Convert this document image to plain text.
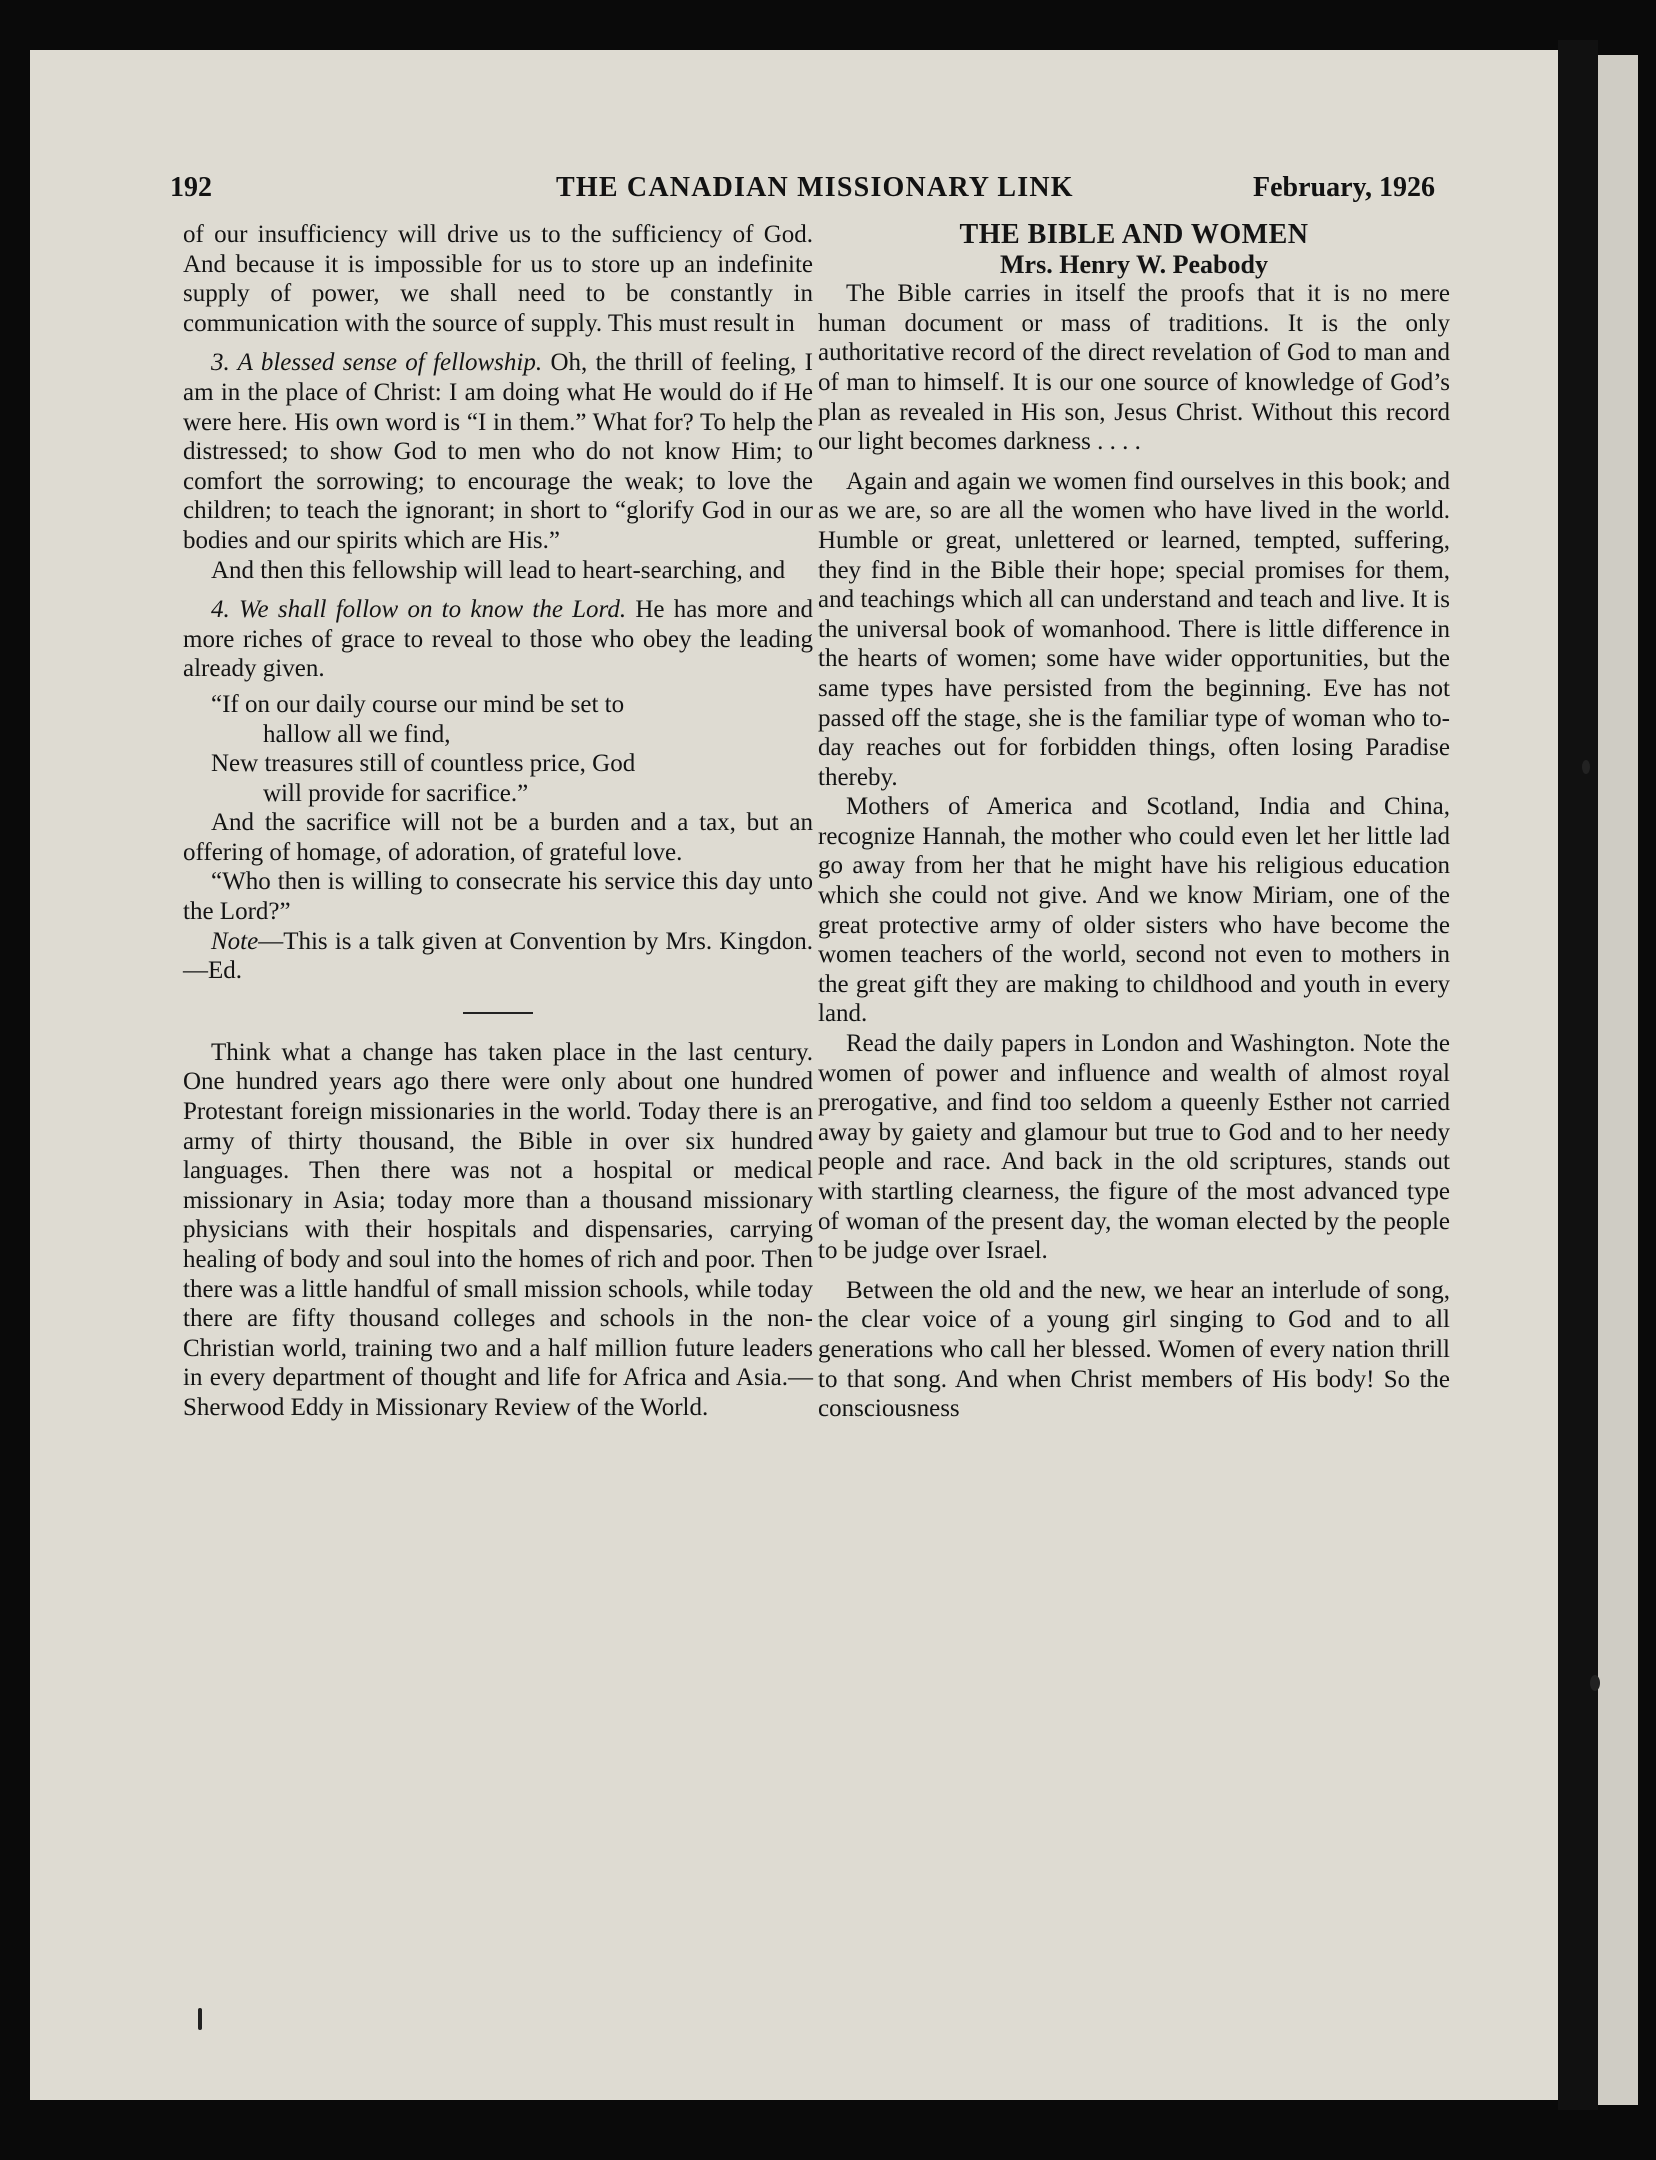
192	THE CANADIAN MISSIONARY LINK	February, 1926

of our insufficiency will drive us to the sufficiency of God. And because it is impossible for us to store up an indefinite supply of power, we shall need to be constantly in communication with the source of supply. This must result in

3. A blessed sense of fellowship. Oh, the thrill of feeling, I am in the place of Christ: I am doing what He would do if He were here. His own word is “I in them.” What for? To help the distressed; to show God to men who do not know Him; to comfort the sorrowing; to encourage the weak; to love the children; to teach the ignorant; in short to “glorify God in our bodies and our spirits which are His.”

And then this fellowship will lead to heart-searching, and

4. We shall follow on to know the Lord. He has more and more riches of grace to reveal to those who obey the leading already given.

“If on our daily course our mind be set to
hallow all we find,
New treasures still of countless price, God
will provide for sacrifice.”

And the sacrifice will not be a burden and a tax, but an offering of homage, of adoration, of grateful love.

“Who then is willing to consecrate his service this day unto the Lord?”

Note—This is a talk given at Convention by Mrs. Kingdon.—Ed.

Think what a change has taken place in the last century. One hundred years ago there were only about one hundred Protestant foreign missionaries in the world. Today there is an army of thirty thousand, the Bible in over six hundred languages. Then there was not a hospital or medical missionary in Asia; today more than a thousand missionary physicians with their hospitals and dispensaries, carrying healing of body and soul into the homes of rich and poor. Then there was a little handful of small mission schools, while today there are fifty thousand colleges and schools in the non-Christian world, training two and a half million future leaders in every department of thought and life for Africa and Asia.—Sherwood Eddy in Missionary Review of the World.

THE BIBLE AND WOMEN

Mrs. Henry W. Peabody

The Bible carries in itself the proofs that it is no mere human document or mass of traditions. It is the only authoritative record of the direct revelation of God to man and of man to himself. It is our one source of knowledge of God’s plan as revealed in His son, Jesus Christ. Without this record our light becomes darkness . . . .

Again and again we women find ourselves in this book; and as we are, so are all the women who have lived in the world. Humble or great, unlettered or learned, tempted, suffering, they find in the Bible their hope; special promises for them, and teachings which all can understand and teach and live. It is the universal book of womanhood. There is little difference in the hearts of women; some have wider opportunities, but the same types have persisted from the beginning. Eve has not passed off the stage, she is the familiar type of woman who to-day reaches out for forbidden things, often losing Paradise thereby.

Mothers of America and Scotland, India and China, recognize Hannah, the mother who could even let her little lad go away from her that he might have his religious education which she could not give. And we know Miriam, one of the great protective army of older sisters who have become the women teachers of the world, second not even to mothers in the great gift they are making to childhood and youth in every land.

Read the daily papers in London and Washington. Note the women of power and influence and wealth of almost royal prerogative, and find too seldom a queenly Esther not carried away by gaiety and glamour but true to God and to her needy people and race. And back in the old scriptures, stands out with startling clearness, the figure of the most advanced type of woman of the present day, the woman elected by the people to be judge over Israel.

Between the old and the new, we hear an interlude of song, the clear voice of a young girl singing to God and to all generations who call her blessed. Women of every nation thrill to that song. And when Christ members of His body! So the consciousness
